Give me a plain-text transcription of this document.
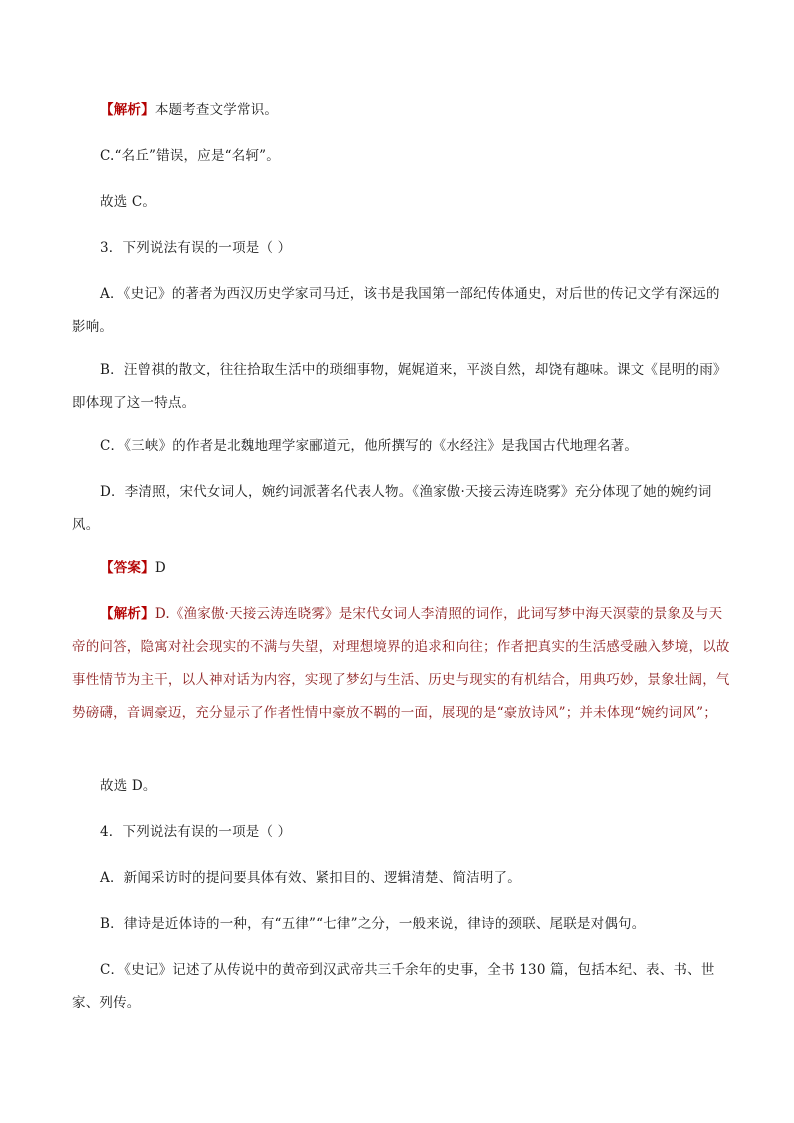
【解析】本题考查文学常识。

C.“名丘”错误，应是“名轲”。

故选 C。

3．下列说法有误的一项是（ ）

A．《史记》的著者为西汉历史学家司马迁，该书是我国第一部纪传体通史，对后世的传记文学有深远的影响。

B．汪曾祺的散文，往往拾取生活中的琐细事物，娓娓道来，平淡自然，却饶有趣味。课文《昆明的雨》即体现了这一特点。

C．《三峡》的作者是北魏地理学家郦道元，他所撰写的《水经注》是我国古代地理名著。

D．李清照，宋代女词人，婉约词派著名代表人物。《渔家傲·天接云涛连晓雾》充分体现了她的婉约词风。

【答案】D

【解析】D.《渔家傲·天接云涛连晓雾》是宋代女词人李清照的词作，此词写梦中海天溟蒙的景象及与天帝的问答，隐寓对社会现实的不满与失望，对理想境界的追求和向往；作者把真实的生活感受融入梦境，以故事性情节为主干，以人神对话为内容，实现了梦幻与生活、历史与现实的有机结合，用典巧妙，景象壮阔，气势磅礴，音调豪迈，充分显示了作者性情中豪放不羁的一面，展现的是“豪放诗风”；并未体现“婉约词风”；

故选 D。

4．下列说法有误的一项是（ ）

A．新闻采访时的提问要具体有效、紧扣目的、逻辑清楚、简洁明了。

B．律诗是近体诗的一种，有“五律”“七律”之分，一般来说，律诗的颈联、尾联是对偶句。

C．《史记》记述了从传说中的黄帝到汉武帝共三千余年的史事，全书 130 篇，包括本纪、表、书、世家、列传。
